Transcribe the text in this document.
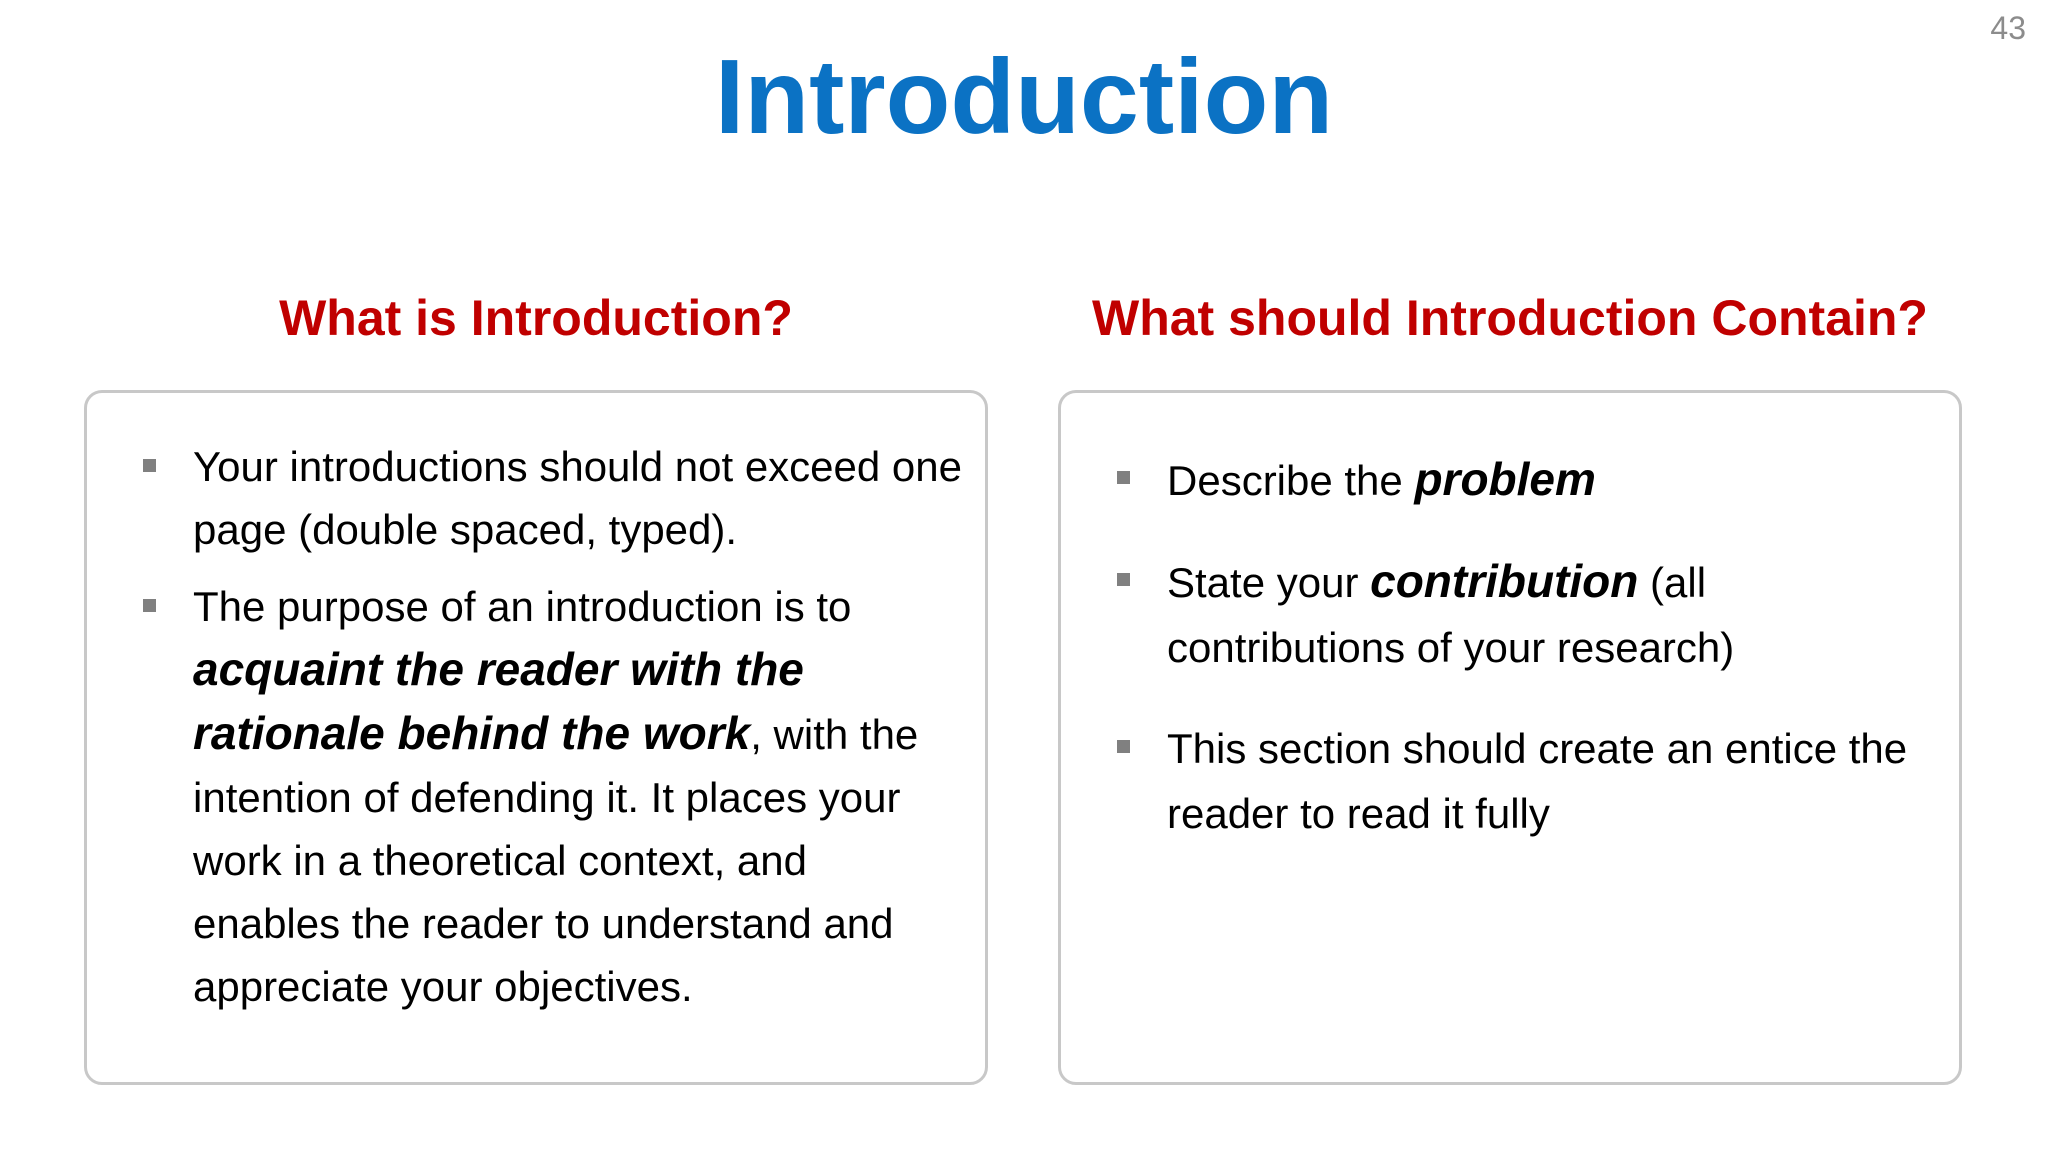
43
Introduction
What is Introduction?	What should Introduction Contain?
Your introductions should not exceed one page (double spaced, typed).
The purpose of an introduction is to acquaint the reader with the rationale behind the work, with the intention of defending it. It places your work in a theoretical context, and enables the reader to understand and appreciate your objectives.
Describe the problem
State your contribution (all contributions of your research)
This section should create an entice the reader to read it fully
